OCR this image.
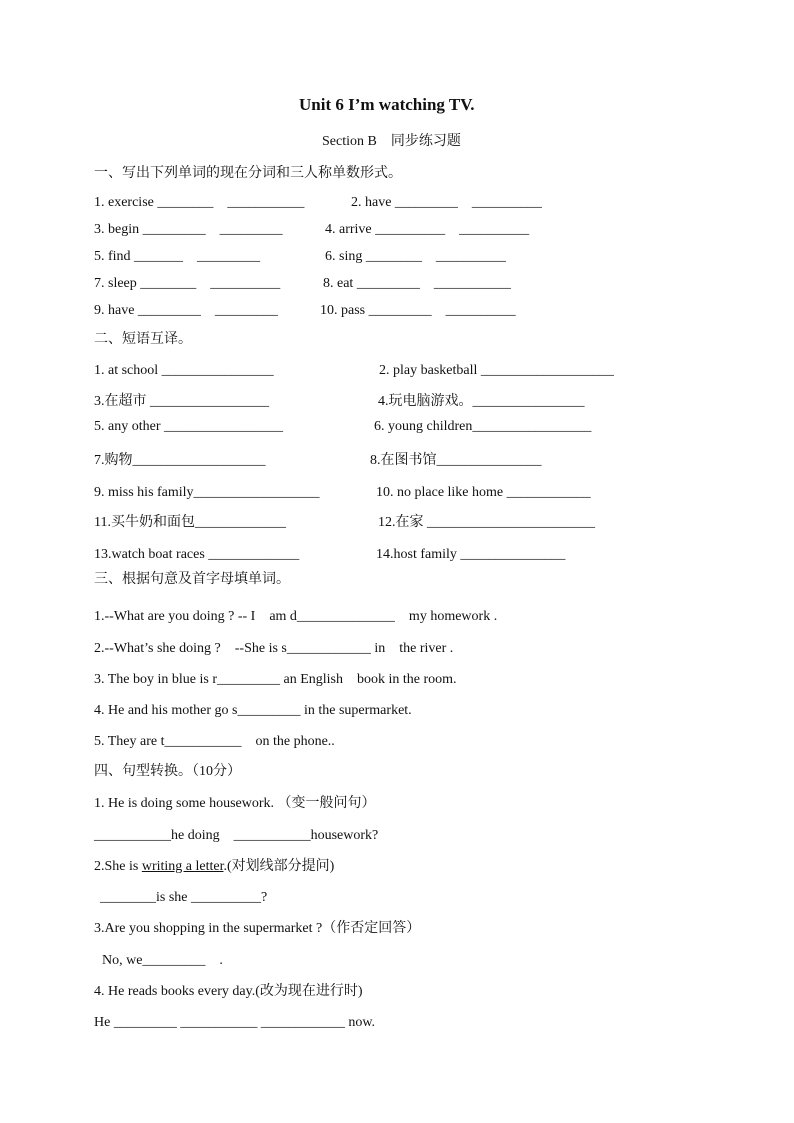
Unit 6 I’m watching TV.
Section B　同步练习题
一、写出下列单词的现在分词和三人称单数形式。
1. exercise ________　___________	2. have _________　__________
3. begin _________　_________	4. arrive __________　__________
5. find _______　_________	6. sing ________　__________
7. sleep ________　__________	8. eat _________　___________
9. have _________　_________	10. pass _________　__________
二、短语互译。
1. at school ________________	2. play basketball ___________________
3.在超市 _________________	4.玩电脑游戏。________________
5. any other _________________	6. young children_________________
7.购物___________________	8.在图书馆_______________
9. miss his family__________________	10. no place like home ____________
11.买牛奶和面包_____________	12.在家 ________________________
13.watch boat races _____________	14.host family _______________
三、根据句意及首字母填单词。
1.--What are you doing ? -- I　am d______________　my homework .
2.--What’s she doing ?　--She is s____________ in　the river .
3. The boy in blue is r_________ an English　book in the room.
4. He and his mother go s_________ in the supermarket.
5. They are t___________　on the phone..
四、句型转换。（10分）
1. He is doing some housework. （变一般问句）
___________he doing　___________housework?
2.She is writing a letter.(对划线部分提问)
________is she __________?
3.Are you shopping in the supermarket ?（作否定回答）
No, we_________　.
4. He reads books every day.(改为现在进行时)
He _________ ___________ ____________ now.
